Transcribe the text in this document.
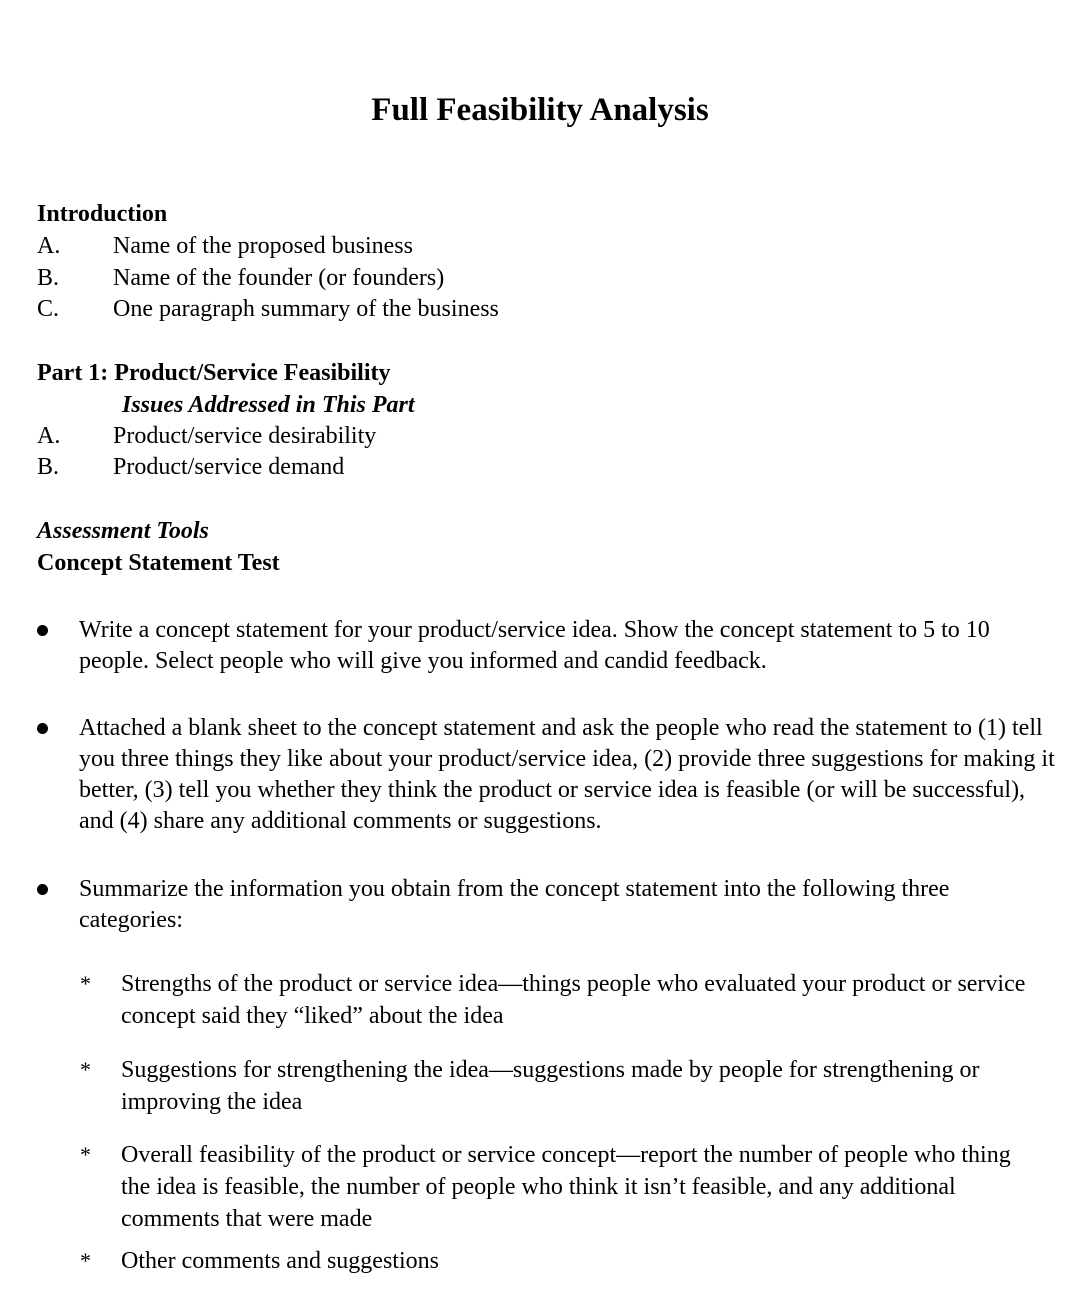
Full Feasibility Analysis
Introduction
A. Name of the proposed business
B. Name of the founder (or founders)
C. One paragraph summary of the business
Part 1: Product/Service Feasibility
Issues Addressed in This Part
A. Product/service desirability
B. Product/service demand
Assessment Tools
Concept Statement Test
Write a concept statement for your product/service idea. Show the concept statement to 5 to 10 people. Select people who will give you informed and candid feedback.
Attached a blank sheet to the concept statement and ask the people who read the statement to (1) tell you three things they like about your product/service idea, (2) provide three suggestions for making it better, (3) tell you whether they think the product or service idea is feasible (or will be successful), and (4) share any additional comments or suggestions.
Summarize the information you obtain from the concept statement into the following three categories:
* Strengths of the product or service idea—things people who evaluated your product or service concept said they “liked” about the idea
* Suggestions for strengthening the idea—suggestions made by people for strengthening or improving the idea
* Overall feasibility of the product or service concept—report the number of people who thing the idea is feasible, the number of people who think it isn’t feasible, and any additional comments that were made
* Other comments and suggestions
